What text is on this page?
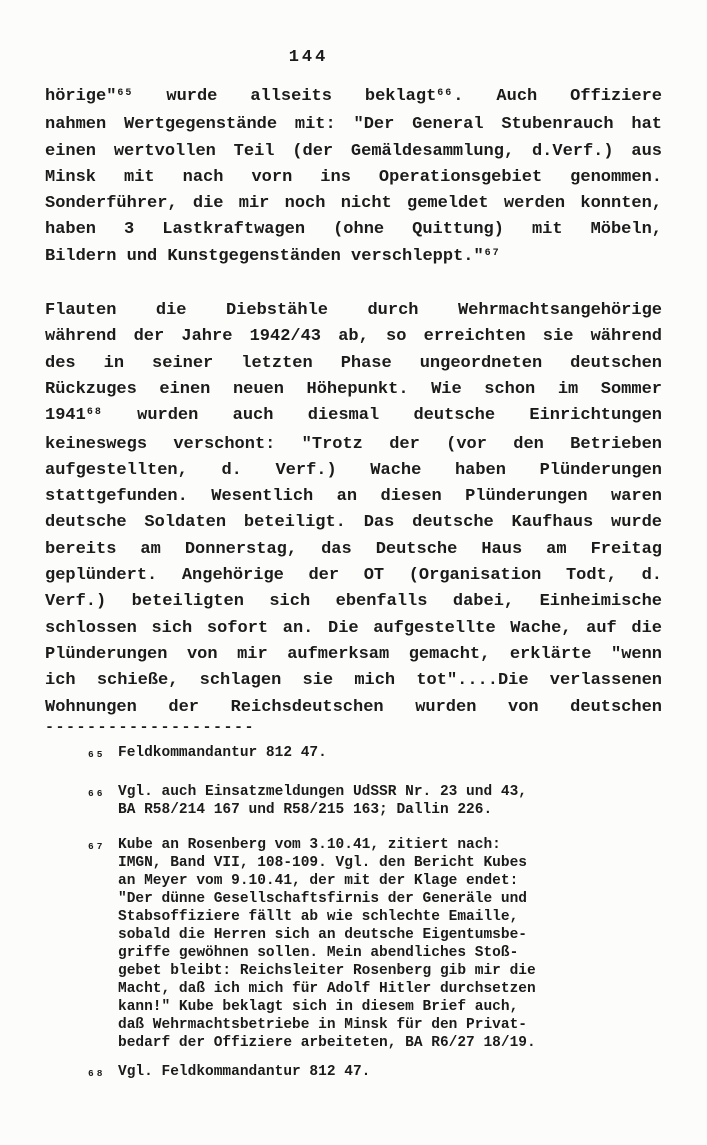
144
hörige"65 wurde allseits beklagt66. Auch Offiziere
nahmen Wertgegenstände mit: "Der General Stubenrauch hat
einen wertvollen Teil (der Gemäldesammlung, d.Verf.) aus
Minsk mit nach vorn ins Operationsgebiet genommen.
Sonderführer, die mir noch nicht gemeldet werden konnten,
haben 3 Lastkraftwagen (ohne Quittung) mit Möbeln,
Bildern und Kunstgegenständen verschleppt."67
Flauten die Diebstähle durch Wehrmachtsangehörige
während der Jahre 1942/43 ab, so erreichten sie während
des in seiner letzten Phase ungeordneten deutschen
Rückzuges einen neuen Höhepunkt. Wie schon im Sommer
194168 wurden auch diesmal deutsche Einrichtungen
keineswegs verschont: "Trotz der (vor den Betrieben
aufgestellten, d. Verf.) Wache haben Plünderungen
stattgefunden. Wesentlich an diesen Plünderungen waren
deutsche Soldaten beteiligt. Das deutsche Kaufhaus wurde
bereits am Donnerstag, das Deutsche Haus am Freitag
geplündert. Angehörige der OT (Organisation Todt, d.
Verf.) beteiligten sich ebenfalls dabei, Einheimische
schlossen sich sofort an. Die aufgestellte Wache, auf die
Plünderungen von mir aufmerksam gemacht, erklärte "wenn
ich schieße, schlagen sie mich tot"....Die verlassenen
Wohnungen der Reichsdeutschen wurden von deutschen
--------------------
65 Feldkommandantur 812 47.
66 Vgl. auch Einsatzmeldungen UdSSR Nr. 23 und 43,
BA R58/214 167 und R58/215 163; Dallin 226.
67 Kube an Rosenberg vom 3.10.41, zitiert nach:
IMGN, Band VII, 108-109. Vgl. den Bericht Kubes
an Meyer vom 9.10.41, der mit der Klage endet:
"Der dünne Gesellschaftsfirnis der Generäle und
Stabsoffiziere fällt ab wie schlechte Emaille,
sobald die Herren sich an deutsche Eigentumsbe-
griffe gewöhnen sollen. Mein abendliches Stoß-
gebet bleibt: Reichsleiter Rosenberg gib mir die
Macht, daß ich mich für Adolf Hitler durchsetzen
kann!" Kube beklagt sich in diesem Brief auch,
daß Wehrmachtsbetriebe in Minsk für den Privat-
bedarf der Offiziere arbeiteten, BA R6/27 18/19.
68 Vgl. Feldkommandantur 812 47.
